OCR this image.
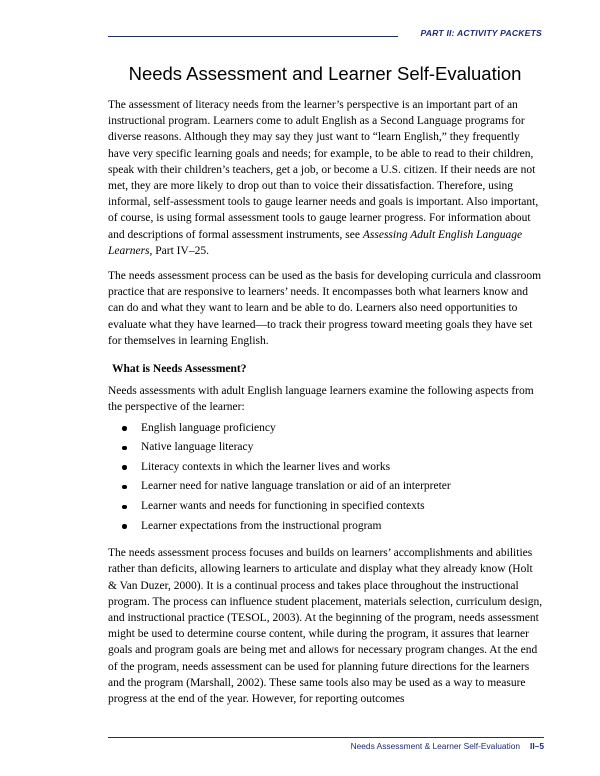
PART II: ACTIVITY PACKETS
Needs Assessment and Learner Self-Evaluation

The assessment of literacy needs from the learner’s perspective is an important part of an instructional program. Learners come to adult English as a Second Language programs for diverse reasons. Although they may say they just want to “learn English,” they frequently have very specific learning goals and needs; for example, to be able to read to their children, speak with their children’s teachers, get a job, or become a U.S. citizen. If their needs are not met, they are more likely to drop out than to voice their dissatisfaction. Therefore, using informal, self-assessment tools to gauge learner needs and goals is important. Also important, of course, is using formal assessment tools to gauge learner progress. For information about and descriptions of formal assessment instruments, see Assessing Adult English Language Learners, Part IV–25.

The needs assessment process can be used as the basis for developing curricula and classroom practice that are responsive to learners’ needs. It encompasses both what learners know and can do and what they want to learn and be able to do. Learners also need opportunities to evaluate what they have learned—to track their progress toward meeting goals they have set for themselves in learning English.

What is Needs Assessment?

Needs assessments with adult English language learners examine the following aspects from the perspective of the learner:

English language proficiency
Native language literacy
Literacy contexts in which the learner lives and works
Learner need for native language translation or aid of an interpreter
Learner wants and needs for functioning in specified contexts
Learner expectations from the instructional program

The needs assessment process focuses and builds on learners’ accomplishments and abilities rather than deficits, allowing learners to articulate and display what they already know (Holt & Van Duzer, 2000). It is a continual process and takes place throughout the instructional program. The process can influence student placement, materials selection, curriculum design, and instructional practice (TESOL, 2003). At the beginning of the program, needs assessment might be used to determine course content, while during the program, it assures that learner goals and program goals are being met and allows for necessary program changes. At the end of the program, needs assessment can be used for planning future directions for the learners and the program (Marshall, 2002). These same tools also may be used as a way to measure progress at the end of the year. However, for reporting outcomes

Needs Assessment & Learner Self-Evaluation II–5
